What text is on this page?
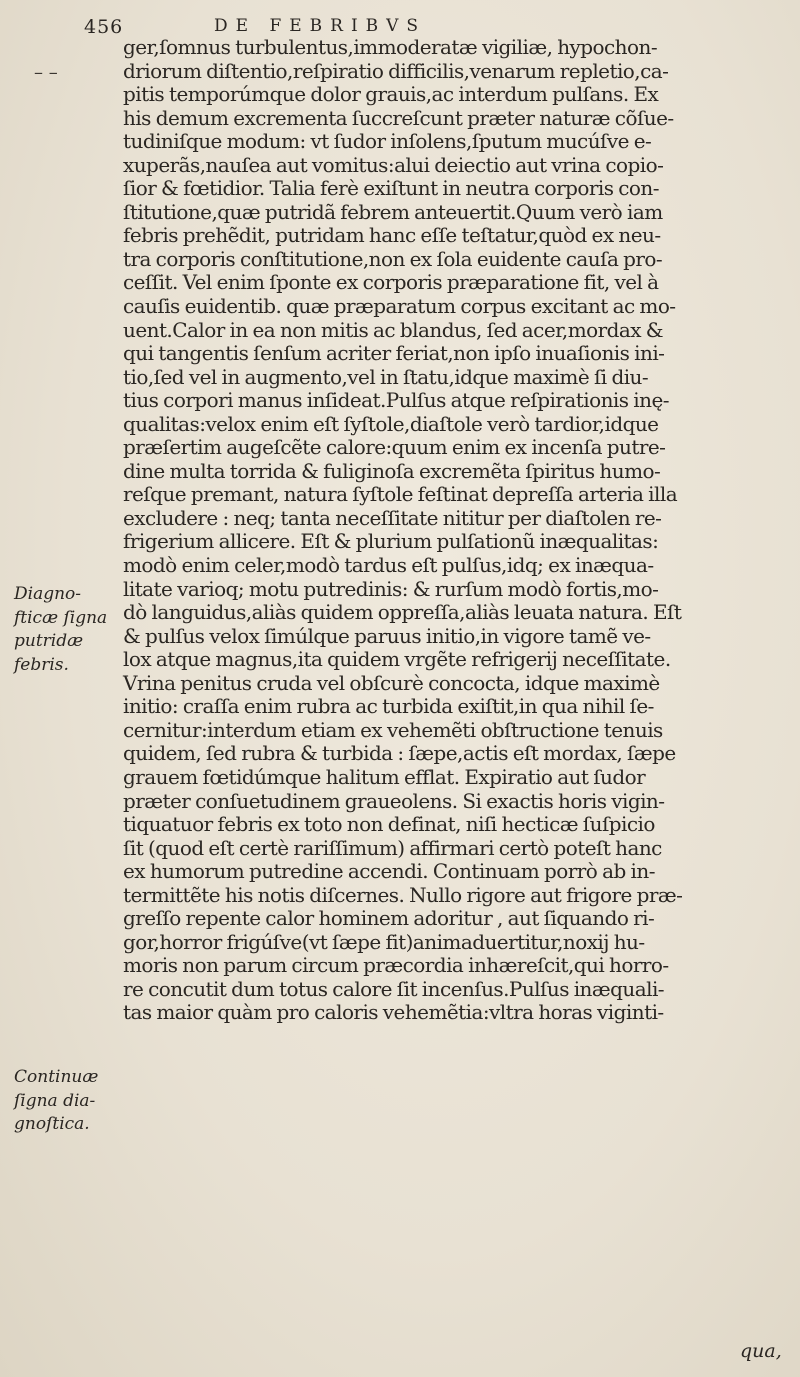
– –
456	DE FEBRIBVS
Diagno-
fticæ ſigna
putridæ
febris.
Continuæ
ſigna dia-
gnoſtica.
ger,ſomnus turbulentus,immoderatæ vigiliæ, hypochon-
driorum diſtentio,reſpiratio difficilis,venarum repletio,ca-
pitis temporúmque dolor grauis,ac interdum pulſans. Ex
his demum excrementa ſuccreſcunt præter naturæ cõſue-
tudiniſque modum: vt ſudor inſolens,ſputum mucúſve e-
xuperãs,nauſea aut vomitus:alui deiectio aut vrina copio-
ſior & fœtidior. Talia ferè exiſtunt in neutra corporis con-
ſtitutione,quæ putridã febrem anteuertit.Quum verò iam
febris prehẽdit, putridam hanc eſſe teſtatur,quòd ex neu-
tra corporis conſtitutione,non ex ſola euidente cauſa pro-
ceſſit. Vel enim ſponte ex corporis præparatione fit, vel à
cauſis euidentib. quæ præparatum corpus excitant ac mo-
uent.Calor in ea non mitis ac blandus, ſed acer,mordax &
qui tangentis ſenſum acriter feriat,non ipſo inuaſionis ini-
tio,ſed vel in augmento,vel in ſtatu,idque maximè ſi diu-
tius corpori manus inſideat.Pulſus atque reſpirationis inę-
qualitas:velox enim eſt ſyſtole,diaſtole verò tardior,idque
præſertim augeſcẽte calore:quum enim ex incenſa putre-
dine multa torrida & fuliginoſa excremẽta ſpiritus humo-
reſque premant, natura ſyſtole feſtinat depreſſa arteria illa
excludere : neq; tanta neceſſitate nititur per diaſtolen re-
frigerium allicere. Eſt & plurium pulſationũ inæqualitas:
modò enim celer,modò tardus eſt pulſus,idq; ex inæqua-
litate varioq; motu putredinis: & rurſum modò fortis,mo-
dò languidus,aliàs quidem oppreſſa,aliàs leuata natura. Eſt
& pulſus velox ſimúlque paruus initio,in vigore tamẽ ve-
lox atque magnus,ita quidem vrgẽte refrigerij neceſſitate.
Vrina penitus cruda vel obſcurè concocta, idque maximè
initio: craſſa enim rubra ac turbida exiſtit,in qua nihil ſe-
cernitur:interdum etiam ex vehemẽti obſtructione tenuis
quidem, ſed rubra & turbida : ſæpe,actis eſt mordax, ſæpe
grauem fœtidúmque halitum efflat. Expiratio aut ſudor
præter conſuetudinem graueolens. Si exactis horis vigin-
tiquatuor febris ex toto non definat, niſi hecticæ ſuſpicio
ſit (quod eſt certè rariſſimum) affirmari certò poteſt hanc
ex humorum putredine accendi. Continuam porrò ab in-
termittẽte his notis diſcernes. Nullo rigore aut frigore præ-
greſſo repente calor hominem adoritur , aut ſiquando ri-
gor,horror frigúſve(vt ſæpe fit)animaduertitur,noxij hu-
moris non parum circum præcordia inhæreſcit,qui horro-
re concutit dum totus calore ſit incenſus.Pulſus inæquali-
tas maior quàm pro caloris vehemẽtia:vltra horas viginti-
qua,
